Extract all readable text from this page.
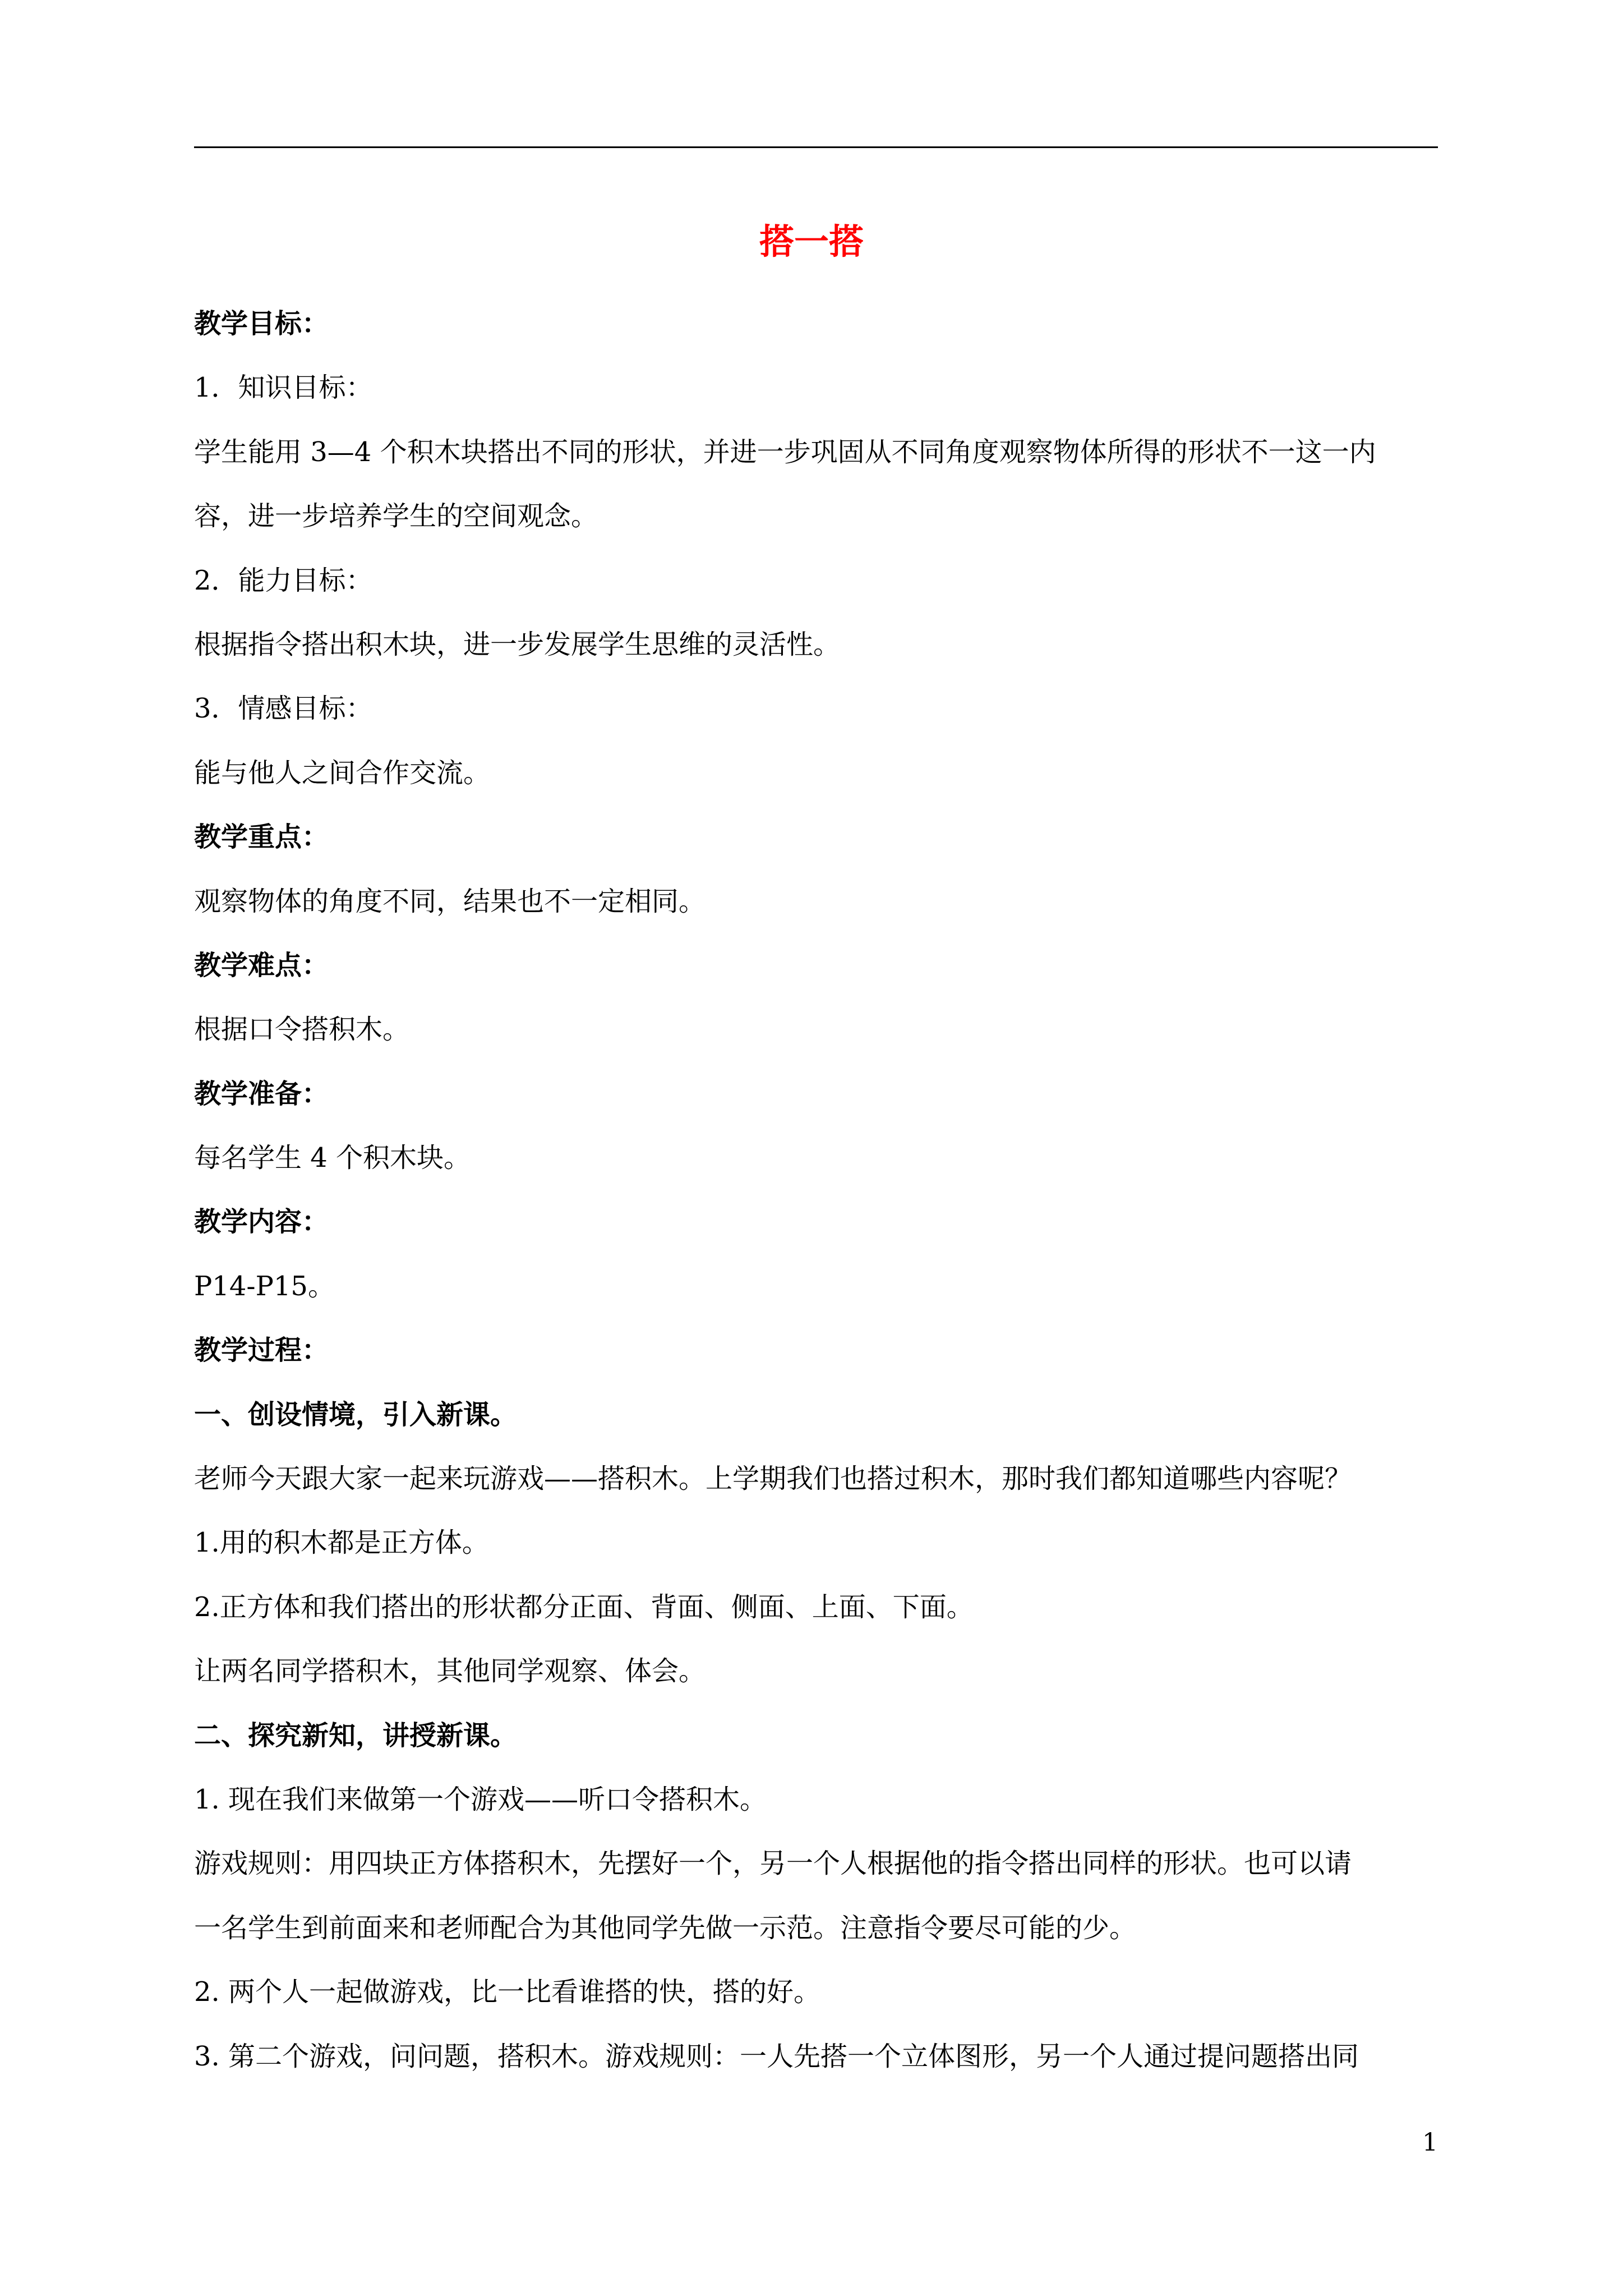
搭一搭
教学目标：
1．知识目标：
学生能用 3—4 个积木块搭出不同的形状，并进一步巩固从不同角度观察物体所得的形状不一这一内
容，进一步培养学生的空间观念。
2．能力目标：
根据指令搭出积木块，进一步发展学生思维的灵活性。
3．情感目标：
能与他人之间合作交流。
教学重点：
观察物体的角度不同，结果也不一定相同。
教学难点：
根据口令搭积木。
教学准备：
每名学生 4 个积木块。
教学内容：
P14-P15。
教学过程：
一、创设情境，引入新课。
老师今天跟大家一起来玩游戏——搭积木。上学期我们也搭过积木，那时我们都知道哪些内容呢？
1.用的积木都是正方体。
2.正方体和我们搭出的形状都分正面、背面、侧面、上面、下面。
让两名同学搭积木，其他同学观察、体会。
二、探究新知，讲授新课。
1. 现在我们来做第一个游戏——听口令搭积木。
游戏规则：用四块正方体搭积木，先摆好一个，另一个人根据他的指令搭出同样的形状。也可以请
一名学生到前面来和老师配合为其他同学先做一示范。注意指令要尽可能的少。
2. 两个人一起做游戏，比一比看谁搭的快，搭的好。
3. 第二个游戏，问问题，搭积木。游戏规则：一人先搭一个立体图形，另一个人通过提问题搭出同
1
